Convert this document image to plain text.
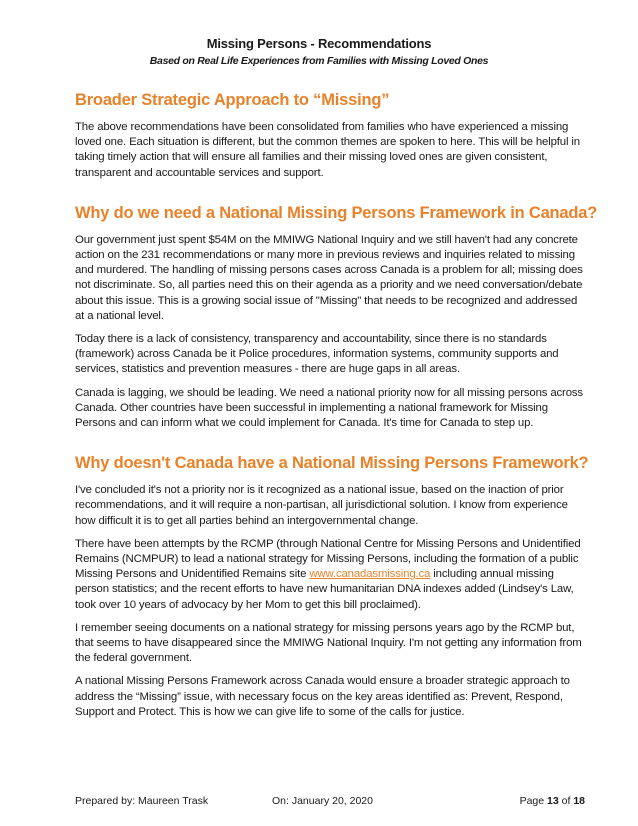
Missing Persons - Recommendations
Based on Real Life Experiences from Families with Missing Loved Ones
Broader Strategic Approach to “Missing”

The above recommendations have been consolidated from families who have experienced a missing loved one. Each situation is different, but the common themes are spoken to here. This will be helpful in taking timely action that will ensure all families and their missing loved ones are given consistent, transparent and accountable services and support.

Why do we need a National Missing Persons Framework in Canada?

Our government just spent $54M on the MMIWG National Inquiry and we still haven't had any concrete action on the 231 recommendations or many more in previous reviews and inquiries related to missing and murdered. The handling of missing persons cases across Canada is a problem for all; missing does not discriminate. So, all parties need this on their agenda as a priority and we need conversation/debate about this issue. This is a growing social issue of "Missing" that needs to be recognized and addressed at a national level.

Today there is a lack of consistency, transparency and accountability, since there is no standards (framework) across Canada be it Police procedures, information systems, community supports and services, statistics and prevention measures - there are huge gaps in all areas.

Canada is lagging, we should be leading. We need a national priority now for all missing persons across Canada. Other countries have been successful in implementing a national framework for Missing Persons and can inform what we could implement for Canada. It's time for Canada to step up.

Why doesn't Canada have a National Missing Persons Framework?

I've concluded it's not a priority nor is it recognized as a national issue, based on the inaction of prior recommendations, and it will require a non-partisan, all jurisdictional solution. I know from experience how difficult it is to get all parties behind an intergovernmental change.

There have been attempts by the RCMP (through National Centre for Missing Persons and Unidentified Remains (NCMPUR) to lead a national strategy for Missing Persons, including the formation of a public Missing Persons and Unidentified Remains site www.canadasmissing.ca including annual missing person statistics; and the recent efforts to have new humanitarian DNA indexes added (Lindsey's Law, took over 10 years of advocacy by her Mom to get this bill proclaimed).

I remember seeing documents on a national strategy for missing persons years ago by the RCMP but, that seems to have disappeared since the MMIWG National Inquiry. I'm not getting any information from the federal government.

A national Missing Persons Framework across Canada would ensure a broader strategic approach to address the “Missing” issue, with necessary focus on the key areas identified as: Prevent, Respond, Support and Protect. This is how we can give life to some of the calls for justice.

Prepared by: Maureen Trask	On: January 20, 2020	Page 13 of 18
